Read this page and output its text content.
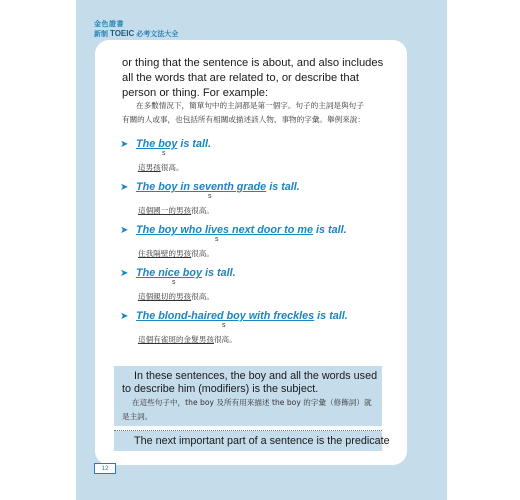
金色證書
新制 TOEIC 必考文法大全
or thing that the sentence is about, and also includes all the words that are related to, or describe that person or thing. For example:
在多數情況下，簡單句中的主詞都是第一個字。句子的主詞是與句子
有關的人或事，也包括所有相關或描述該人物、事物的字彙。舉例來說：
➤ The boy is tall.
s
這男孩很高。
➤ The boy in seventh grade is tall.
s
這個國一的男孩很高。
➤ The boy who lives next door to me is tall.
s
住我隔壁的男孩很高。
➤ The nice boy is tall.
s
這個親切的男孩很高。
➤ The blond-haired boy with freckles is tall.
s
這個有雀斑的金髮男孩很高。
In these sentences, the boy and all the words used to describe him (modifiers) is the subject.
在這些句子中，the boy 及所有用來描述 the boy 的字彙（修飾詞）就
是主詞。
The next important part of a sentence is the predicate
12
